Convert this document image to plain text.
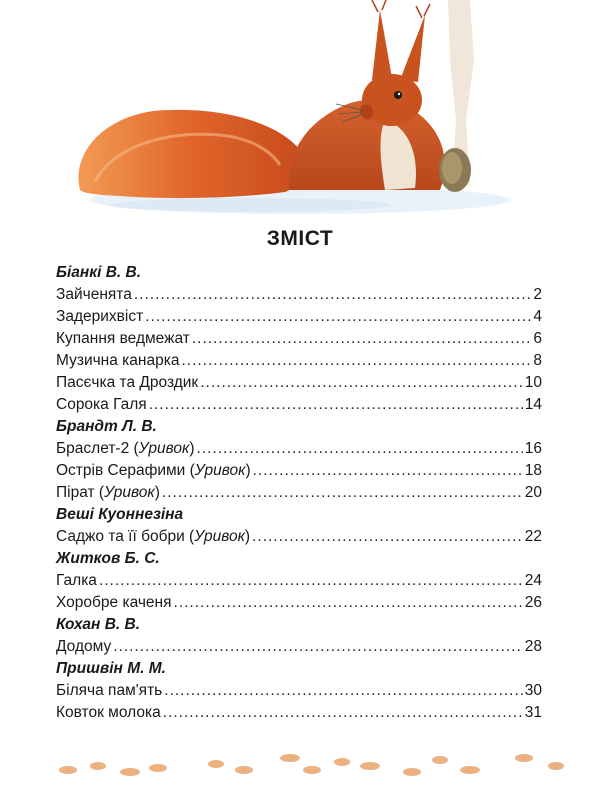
ЗМІСТ
Біанкі В. В.
Зайченята .....	2
Задерихвіст .....	4
Купання ведмежат .....	6
Музична канарка .....	8
Пасєчка та Дроздик .....	10
Сорока Галя .....	14
Брандт Л. В.
Браслет-2 (Уривок) .....	16
Острів Серафими (Уривок) .....	18
Пірат (Уривок) .....	20
Веші Куоннезіна
Саджо та її бобри (Уривок) .....	22
Житков Б. С.
Галка .....	24
Хоробре каченя .....	26
Кохан В. В.
Додому .....	28
Пришвін М. М.
Біляча пам'ять .....	30
Ковток молока .....	31
